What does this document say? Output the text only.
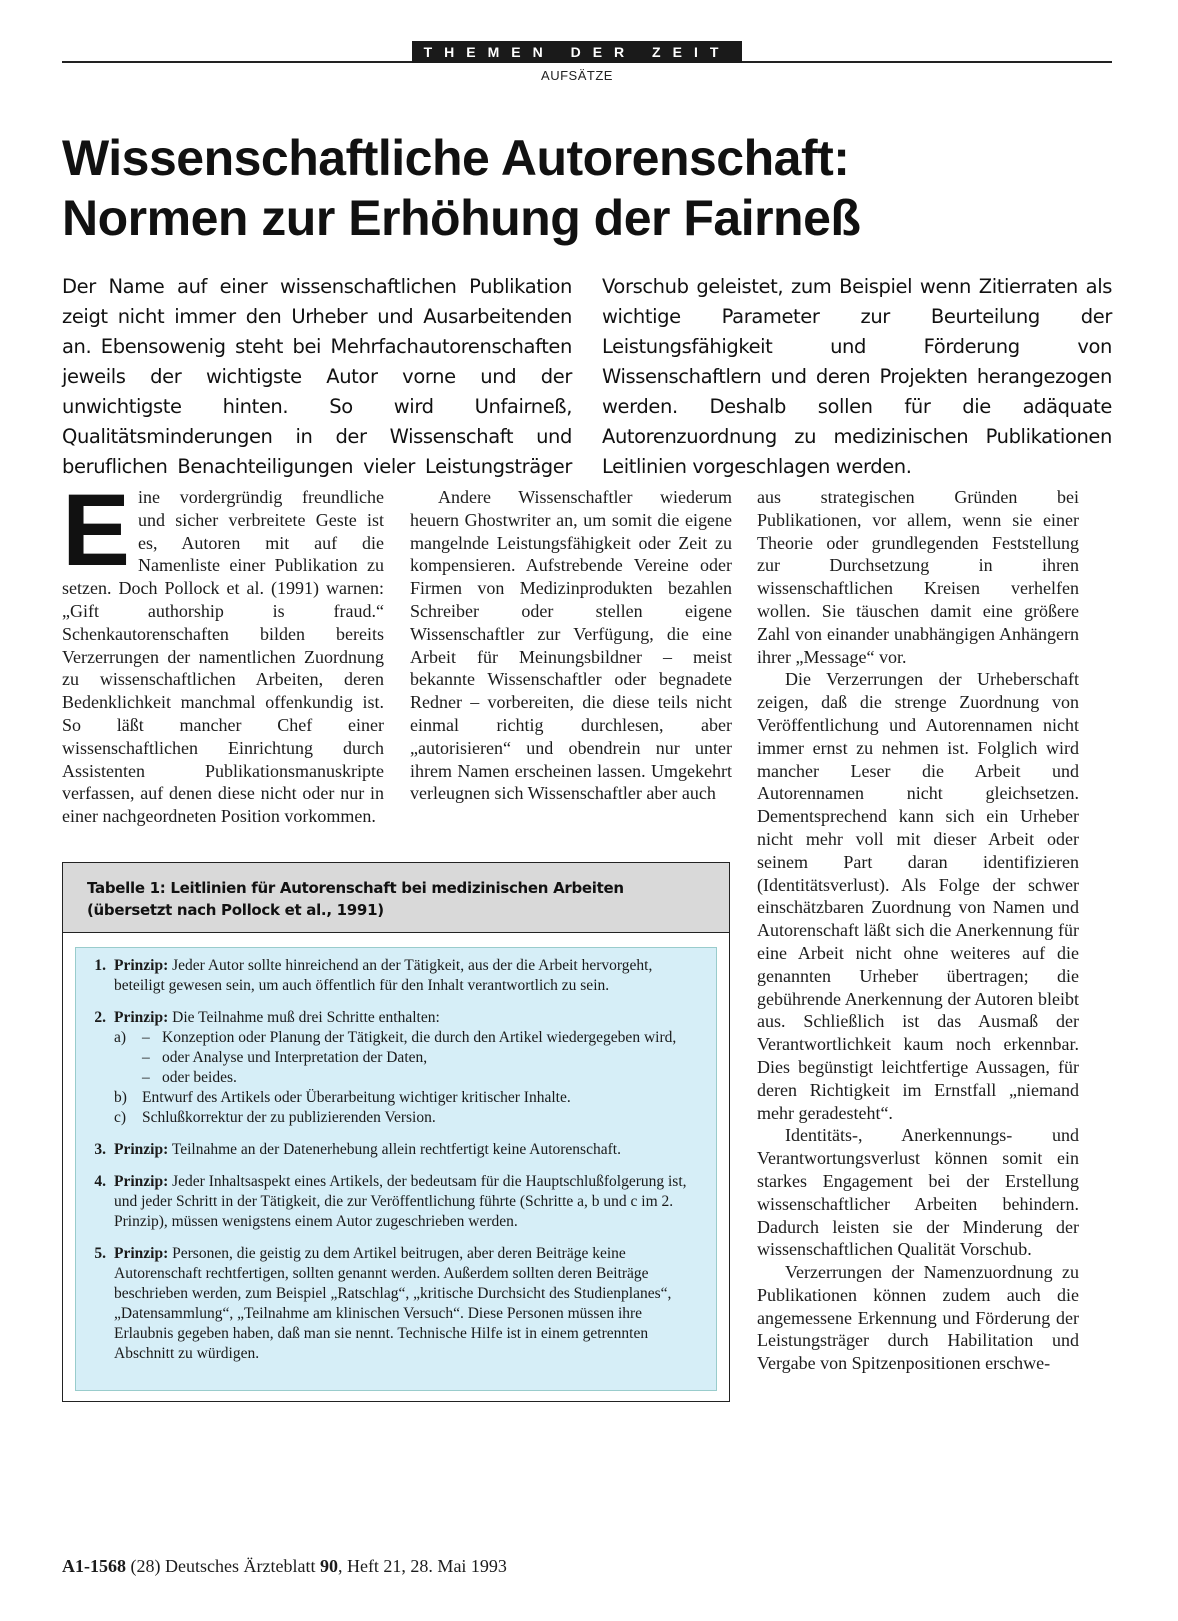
THEMEN DER ZEIT
AUFSÄTZE
Wissenschaftliche Autorenschaft:
Normen zur Erhöhung der Fairneß
Der Name auf einer wissenschaftlichen Publikation zeigt nicht immer den Urheber und Ausarbeitenden an. Ebensowenig steht bei Mehrfachautorenschaften jeweils der wichtigste Autor vorne und der unwichtigste hinten. So wird Unfairneß, Qualitätsminderungen in der Wissenschaft und beruflichen Benachteiligungen vieler Leistungsträger Vorschub geleistet, zum Beispiel wenn Zitierraten als wichtige Parameter zur Beurteilung der Leistungsfähigkeit und Förderung von Wissenschaftlern und deren Projekten herangezogen werden. Deshalb sollen für die adäquate Autorenzuordnung zu medizinischen Publikationen Leitlinien vorgeschlagen werden.

Eine vordergründig freundliche und sicher verbreitete Geste ist es, Autoren mit auf die Namenliste einer Publikation zu setzen. Doch Pollock et al. (1991) warnen: „Gift authorship is fraud.“ Schenkautorenschaften bilden bereits Verzerrungen der namentlichen Zuordnung zu wissenschaftlichen Arbeiten, deren Bedenklichkeit manchmal offenkundig ist. So läßt mancher Chef einer wissenschaftlichen Einrichtung durch Assistenten Publikationsmanuskripte verfassen, auf denen diese nicht oder nur in einer nachgeordneten Position vorkommen.

Andere Wissenschaftler wiederum heuern Ghostwriter an, um somit die eigene mangelnde Leistungsfähigkeit oder Zeit zu kompensieren. Aufstrebende Vereine oder Firmen von Medizinprodukten bezahlen Schreiber oder stellen eigene Wissenschaftler zur Verfügung, die eine Arbeit für Meinungsbildner – meist bekannte Wissenschaftler oder begnadete Redner – vorbereiten, die diese teils nicht einmal richtig durchlesen, aber „autorisieren“ und obendrein nur unter ihrem Namen erscheinen lassen. Umgekehrt verleugnen sich Wissenschaftler aber auch

aus strategischen Gründen bei Publikationen, vor allem, wenn sie einer Theorie oder grundlegenden Feststellung zur Durchsetzung in ihren wissenschaftlichen Kreisen verhelfen wollen. Sie täuschen damit eine größere Zahl von einander unabhängigen Anhängern ihrer „Message“ vor.

Die Verzerrungen der Urheberschaft zeigen, daß die strenge Zuordnung von Veröffentlichung und Autorennamen nicht immer ernst zu nehmen ist. Folglich wird mancher Leser die Arbeit und Autorennamen nicht gleichsetzen. Dementsprechend kann sich ein Urheber nicht mehr voll mit dieser Arbeit oder seinem Part daran identifizieren (Identitätsverlust). Als Folge der schwer einschätzbaren Zuordnung von Namen und Autorenschaft läßt sich die Anerkennung für eine Arbeit nicht ohne weiteres auf die genannten Urheber übertragen; die gebührende Anerkennung der Autoren bleibt aus. Schließlich ist das Ausmaß der Verantwortlichkeit kaum noch erkennbar. Dies begünstigt leichtfertige Aussagen, für deren Richtigkeit im Ernstfall „niemand mehr geradesteht“.

Identitäts-, Anerkennungs- und Verantwortungsverlust können somit ein starkes Engagement bei der Erstellung wissenschaftlicher Arbeiten behindern. Dadurch leisten sie der Minderung der wissenschaftlichen Qualität Vorschub.

Verzerrungen der Namenzuordnung zu Publikationen können zudem auch die angemessene Erkennung und Förderung der Leistungsträger durch Habilitation und Vergabe von Spitzenpositionen erschwe-

Tabelle 1: Leitlinien für Autorenschaft bei medizinischen Arbeiten (übersetzt nach Pollock et al., 1991)
1. Prinzip: Jeder Autor sollte hinreichend an der Tätigkeit, aus der die Arbeit hervorgeht, beteiligt gewesen sein, um auch öffentlich für den Inhalt verantwortlich zu sein.
2. Prinzip: Die Teilnahme muß drei Schritte enthalten:
a)	– Konzeption oder Planung der Tätigkeit, die durch den Artikel wiedergegeben wird,
– oder Analyse und Interpretation der Daten,
– oder beides.
b) Entwurf des Artikels oder Überarbeitung wichtiger kritischer Inhalte.
c)	Schlußkorrektur der zu publizierenden Version.
3. Prinzip: Teilnahme an der Datenerhebung allein rechtfertigt keine Autorenschaft.
4. Prinzip: Jeder Inhaltsaspekt eines Artikels, der bedeutsam für die Hauptschlußfolgerung ist, und jeder Schritt in der Tätigkeit, die zur Veröffentlichung führte (Schritte a, b und c im 2. Prinzip), müssen wenigstens einem Autor zugeschrieben werden.
5. Prinzip: Personen, die geistig zu dem Artikel beitrugen, aber deren Beiträge keine Autorenschaft rechtfertigen, sollten genannt werden. Außerdem sollten deren Beiträge beschrieben werden, zum Beispiel „Ratschlag“, „kritische Durchsicht des Studienplanes“, „Datensammlung“, „Teilnahme am klinischen Versuch“. Diese Personen müssen ihre Erlaubnis gegeben haben, daß man sie nennt. Technische Hilfe ist in einem getrennten Abschnitt zu würdigen.
A1-1568 (28) Deutsches Ärzteblatt 90, Heft 21, 28. Mai 1993
